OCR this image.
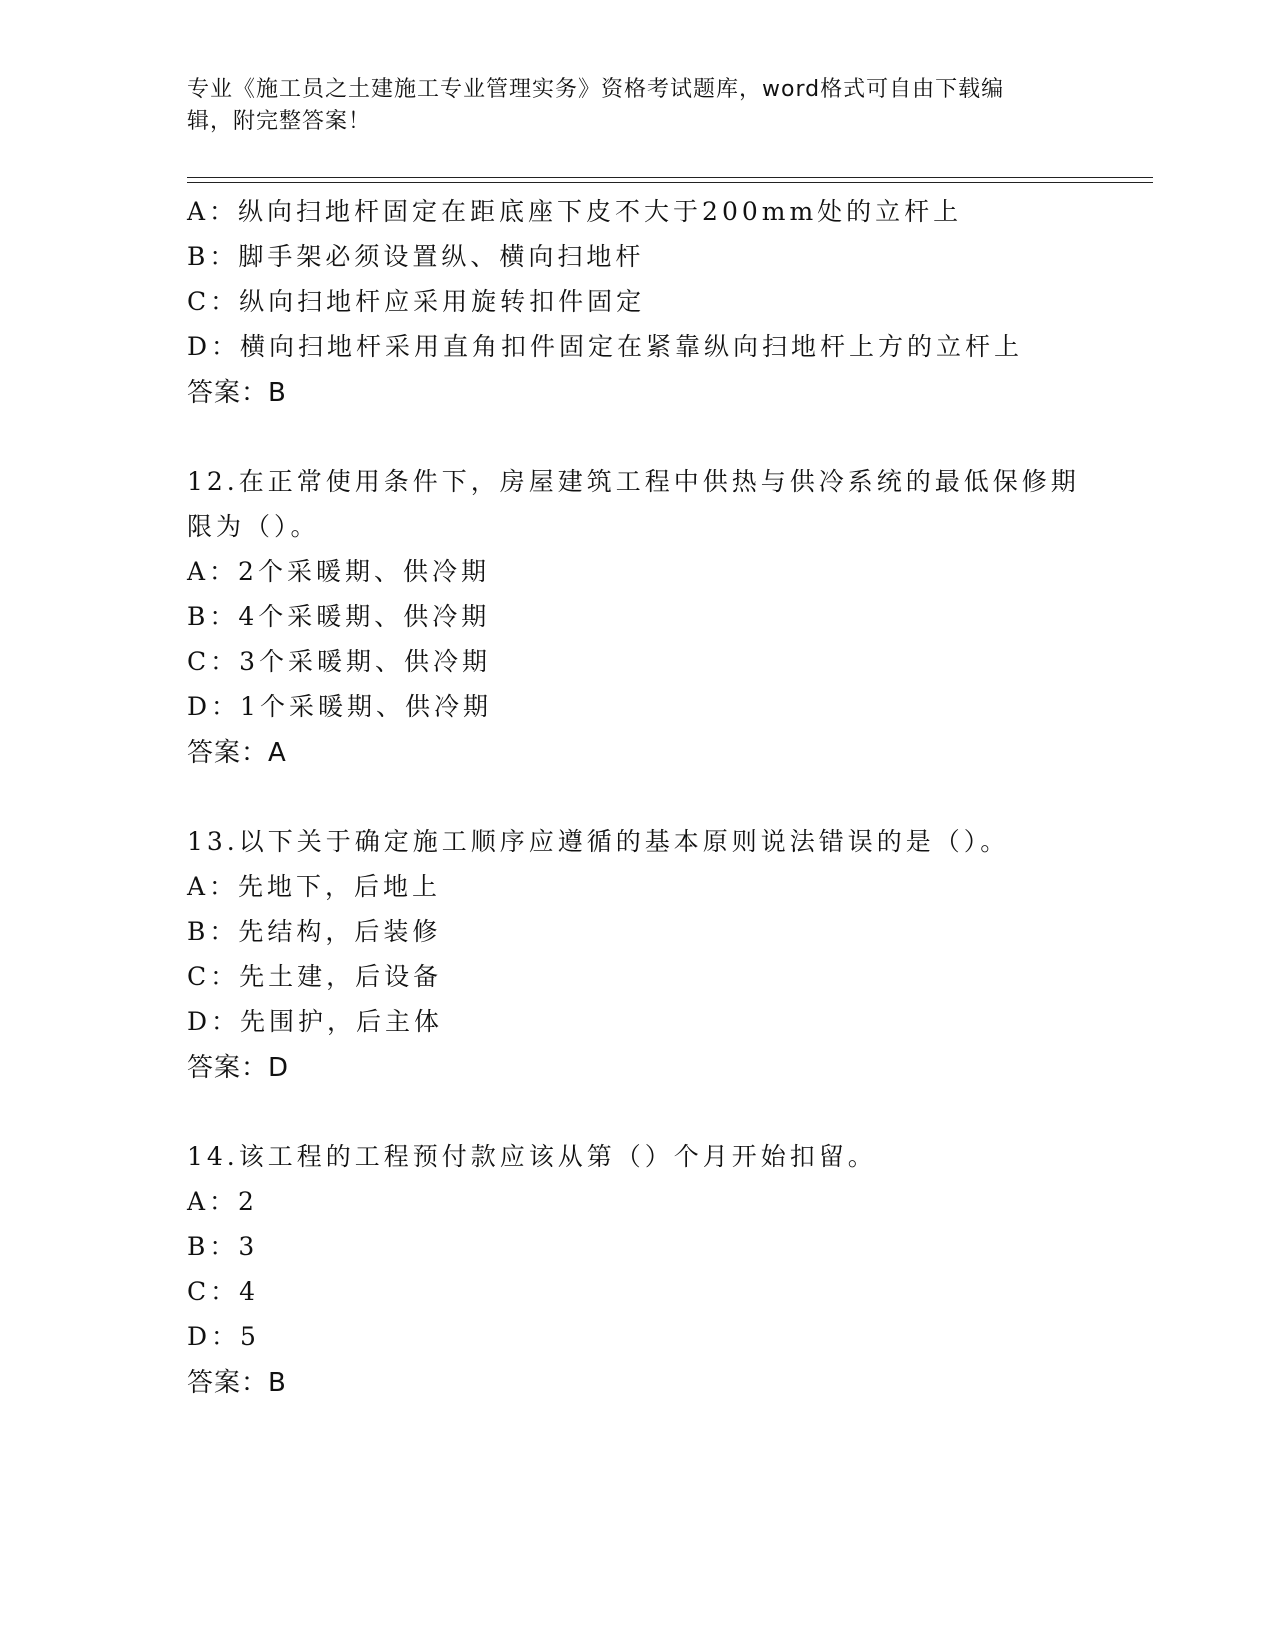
专业《施工员之土建施工专业管理实务》资格考试题库，word格式可自由下载编
辑，附完整答案！
A：纵向扫地杆固定在距底座下皮不大于200mm处的立杆上
B：脚手架必须设置纵、横向扫地杆
C：纵向扫地杆应采用旋转扣件固定
D：横向扫地杆采用直角扣件固定在紧靠纵向扫地杆上方的立杆上
答案：B
12.在正常使用条件下，房屋建筑工程中供热与供冷系统的最低保修期
限为（）。
A：2个采暖期、供冷期
B：4个采暖期、供冷期
C：3个采暖期、供冷期
D：1个采暖期、供冷期
答案：A
13.以下关于确定施工顺序应遵循的基本原则说法错误的是（）。
A：先地下，后地上
B：先结构，后装修
C：先土建，后设备
D：先围护，后主体
答案：D
14.该工程的工程预付款应该从第（）个月开始扣留。
A：2
B：3
C：4
D：5
答案：B
